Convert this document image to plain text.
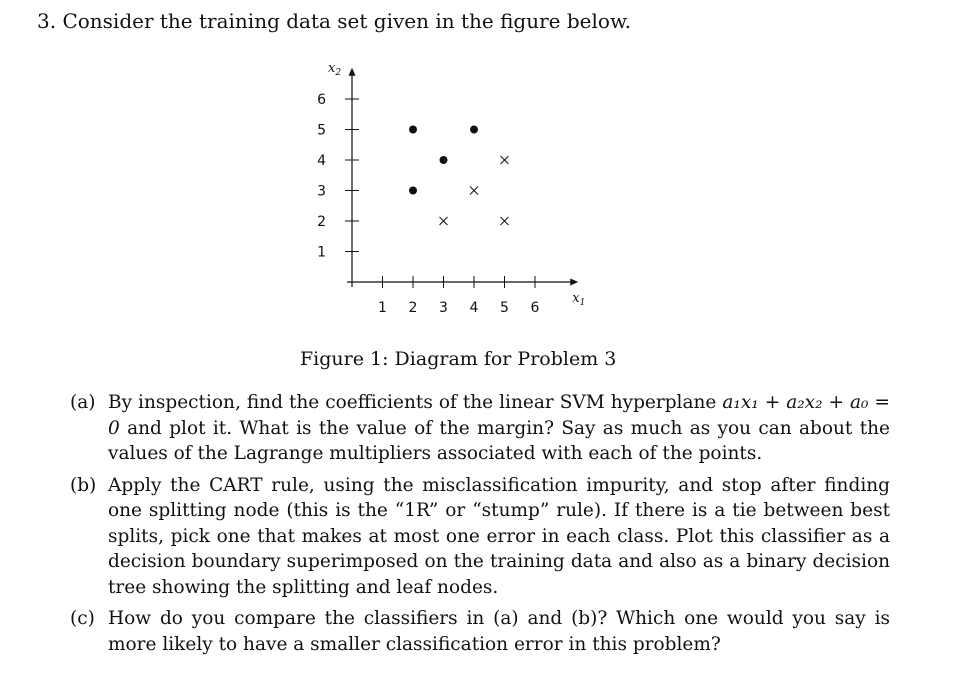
3. Consider the training data set given in the figure below.
1 2 3 4 5 6
1
2
3
4
5
6
$x_1$
$x_2$
Figure 1: Diagram for Problem 3
(a) By inspection, find the coefficients of the linear SVM hyperplane a₁x₁ + a₂x₂ + a₀ = 0 and plot it. What is the value of the margin? Say as much as you can about the values of the Lagrange multipliers associated with each of the points.
(b) Apply the CART rule, using the misclassification impurity, and stop after finding one splitting node (this is the “1R” or “stump” rule). If there is a tie between best splits, pick one that makes at most one error in each class. Plot this classifier as a decision boundary superimposed on the training data and also as a binary decision tree showing the splitting and leaf nodes.
(c) How do you compare the classifiers in (a) and (b)? Which one would you say is more likely to have a smaller classification error in this problem?
